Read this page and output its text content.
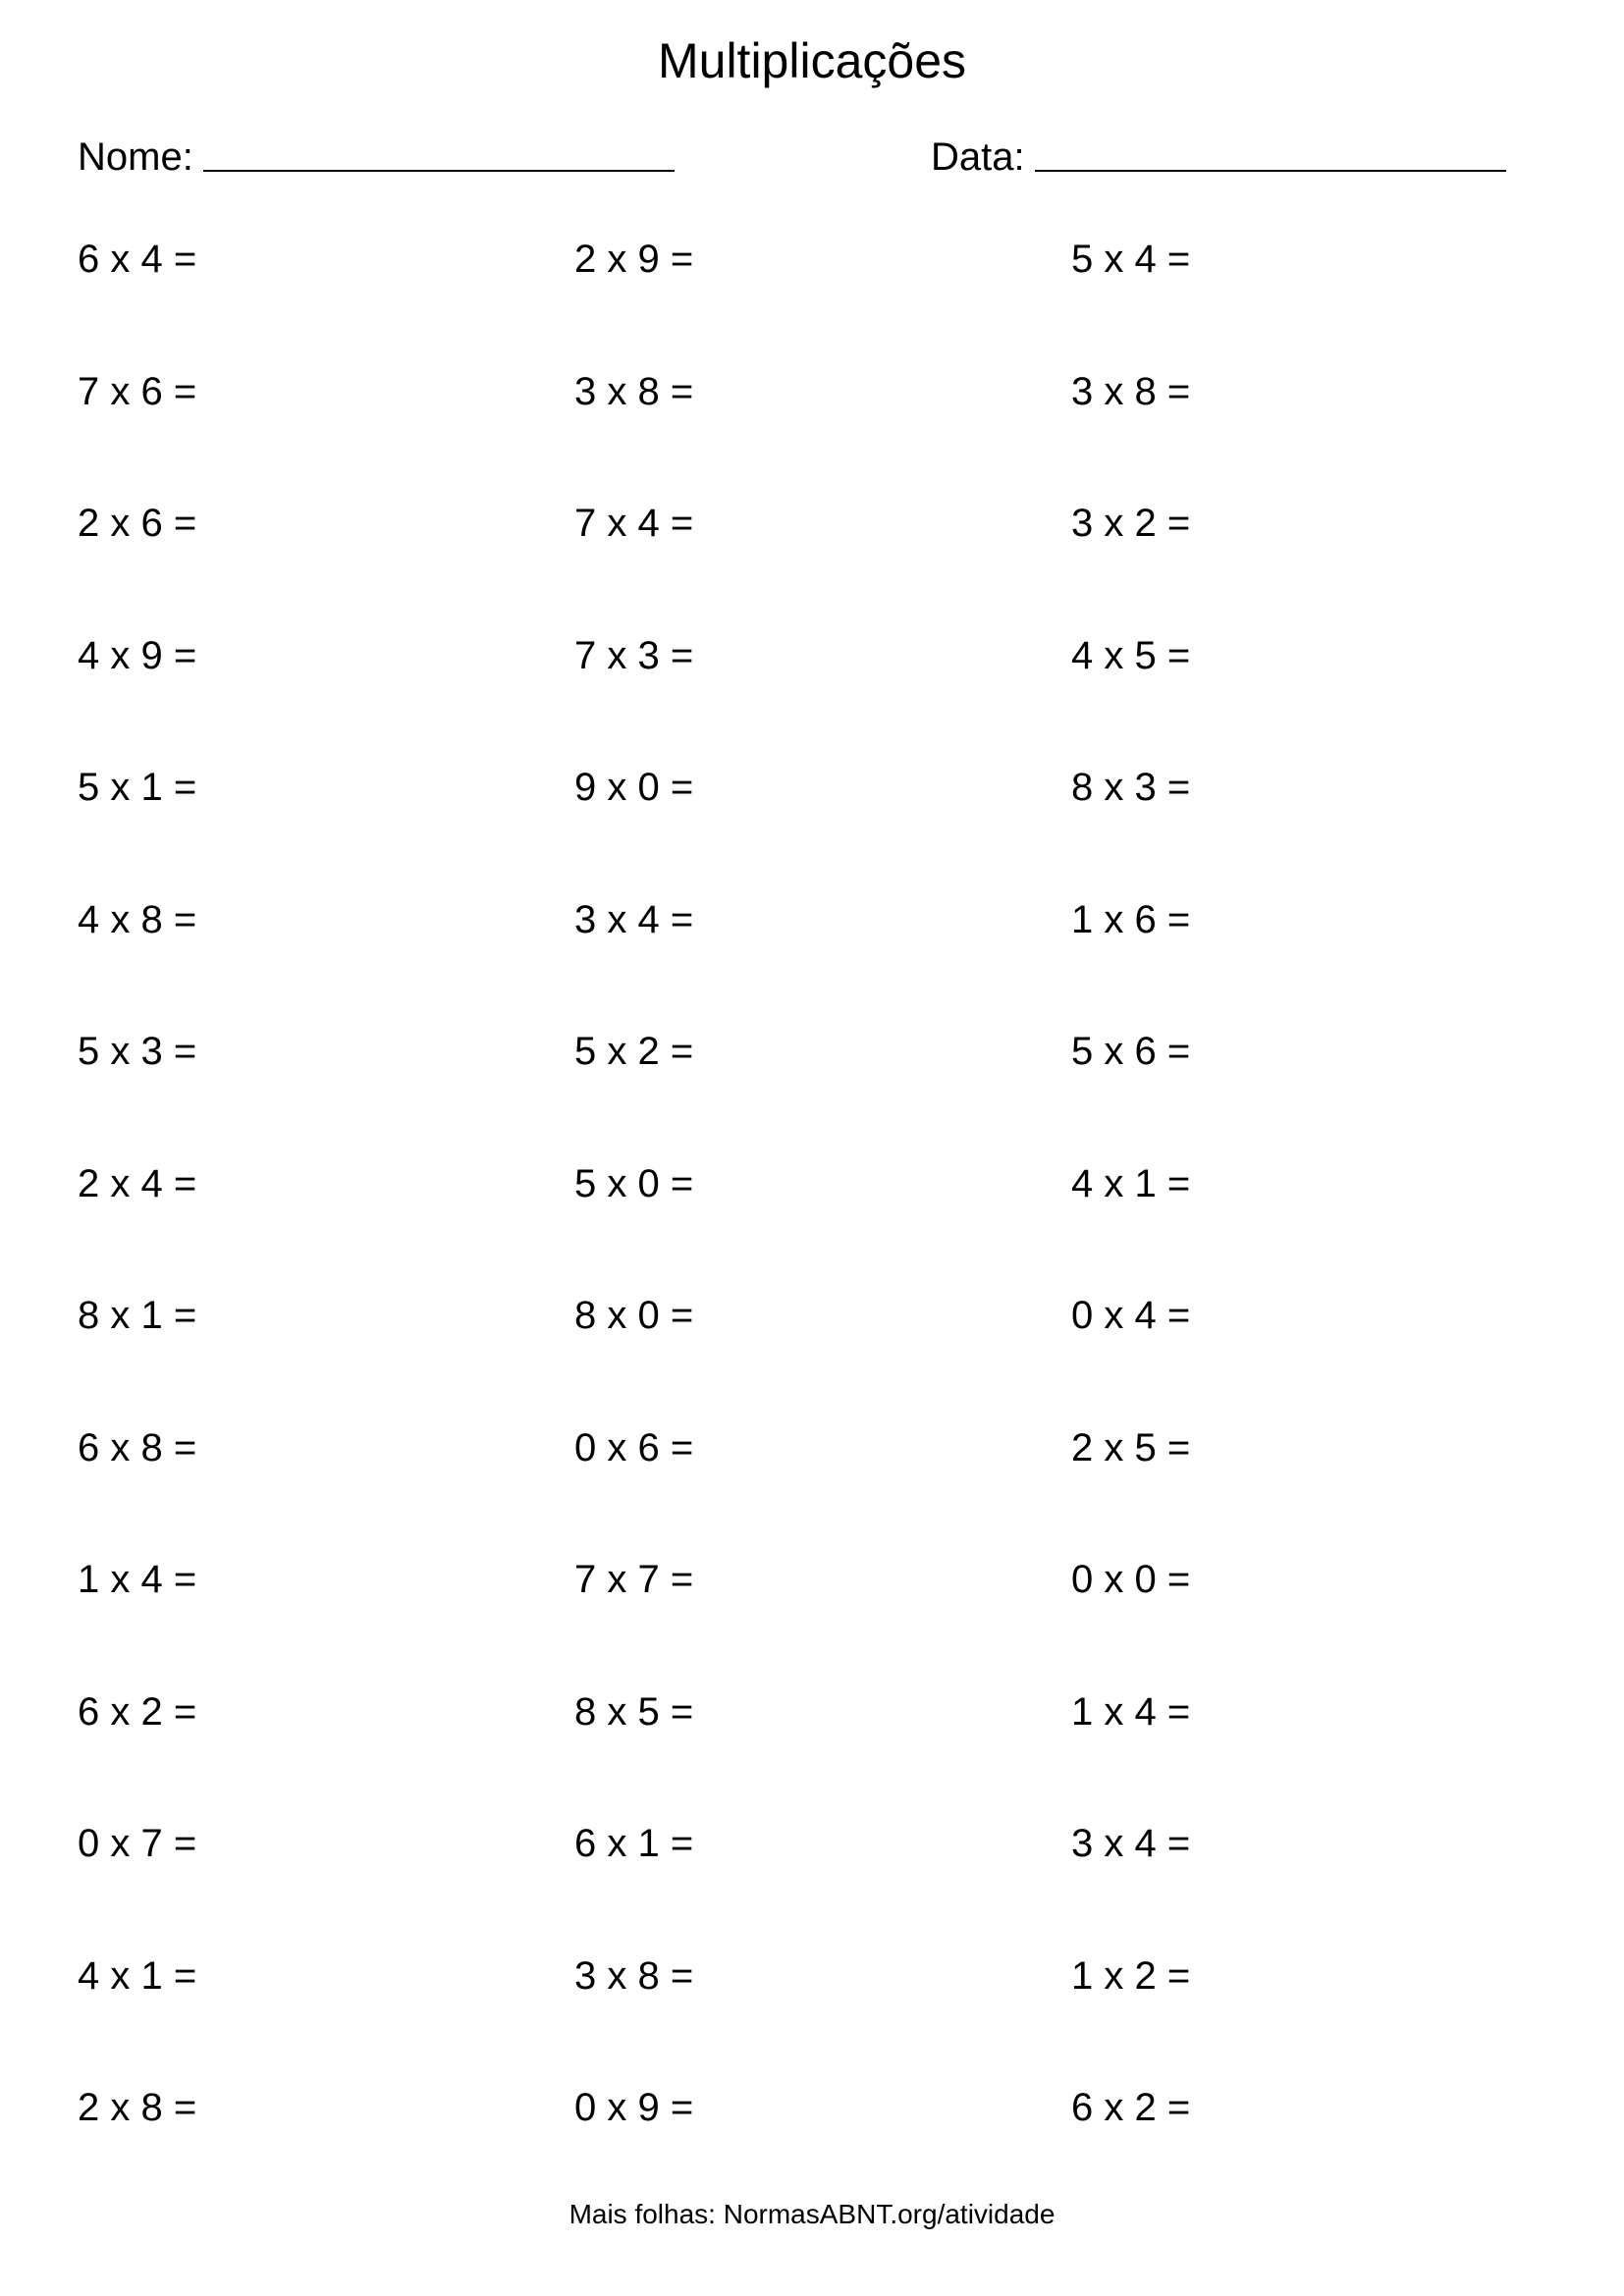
Multiplicações
Nome:	Data:
6 x 4 =	2 x 9 =	5 x 4 =
7 x 6 =	3 x 8 =	3 x 8 =
2 x 6 =	7 x 4 =	3 x 2 =
4 x 9 =	7 x 3 =	4 x 5 =
5 x 1 =	9 x 0 =	8 x 3 =
4 x 8 =	3 x 4 =	1 x 6 =
5 x 3 =	5 x 2 =	5 x 6 =
2 x 4 =	5 x 0 =	4 x 1 =
8 x 1 =	8 x 0 =	0 x 4 =
6 x 8 =	0 x 6 =	2 x 5 =
1 x 4 =	7 x 7 =	0 x 0 =
6 x 2 =	8 x 5 =	1 x 4 =
0 x 7 =	6 x 1 =	3 x 4 =
4 x 1 =	3 x 8 =	1 x 2 =
2 x 8 =	0 x 9 =	6 x 2 =
Mais folhas: NormasABNT.org/atividade
